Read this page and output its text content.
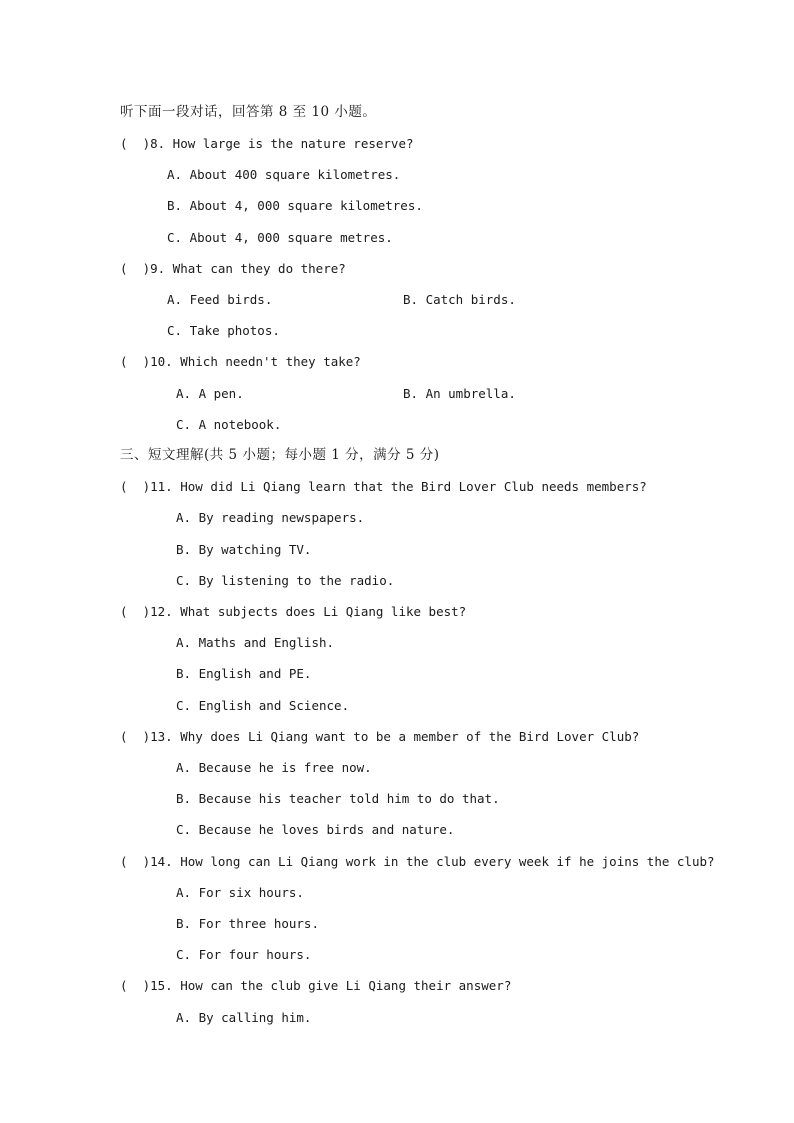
听下面一段对话，回答第 8 至 10 小题。
(  )8. How large is the nature reserve?
A. About 400 square kilometres.
B. About 4, 000 square kilometres.
C. About 4, 000 square metres.
(  )9. What can they do there?
A. Feed birds.	B. Catch birds.
C. Take photos.
(  )10. Which needn't they take?
A. A pen.	B. An umbrella.
C. A notebook.
三、短文理解(共 5 小题；每小题 1 分，满分 5 分)
(  )11. How did Li Qiang learn that the Bird Lover Club needs members?
A. By reading newspapers.
B. By watching TV.
C. By listening to the radio.
(  )12. What subjects does Li Qiang like best?
A. Maths and English.
B. English and PE.
C. English and Science.
(  )13. Why does Li Qiang want to be a member of the Bird Lover Club?
A. Because he is free now.
B. Because his teacher told him to do that.
C. Because he loves birds and nature.
(  )14. How long can Li Qiang work in the club every week if he joins the club?
A. For six hours.
B. For three hours.
C. For four hours.
(  )15. How can the club give Li Qiang their answer?
A. By calling him.
